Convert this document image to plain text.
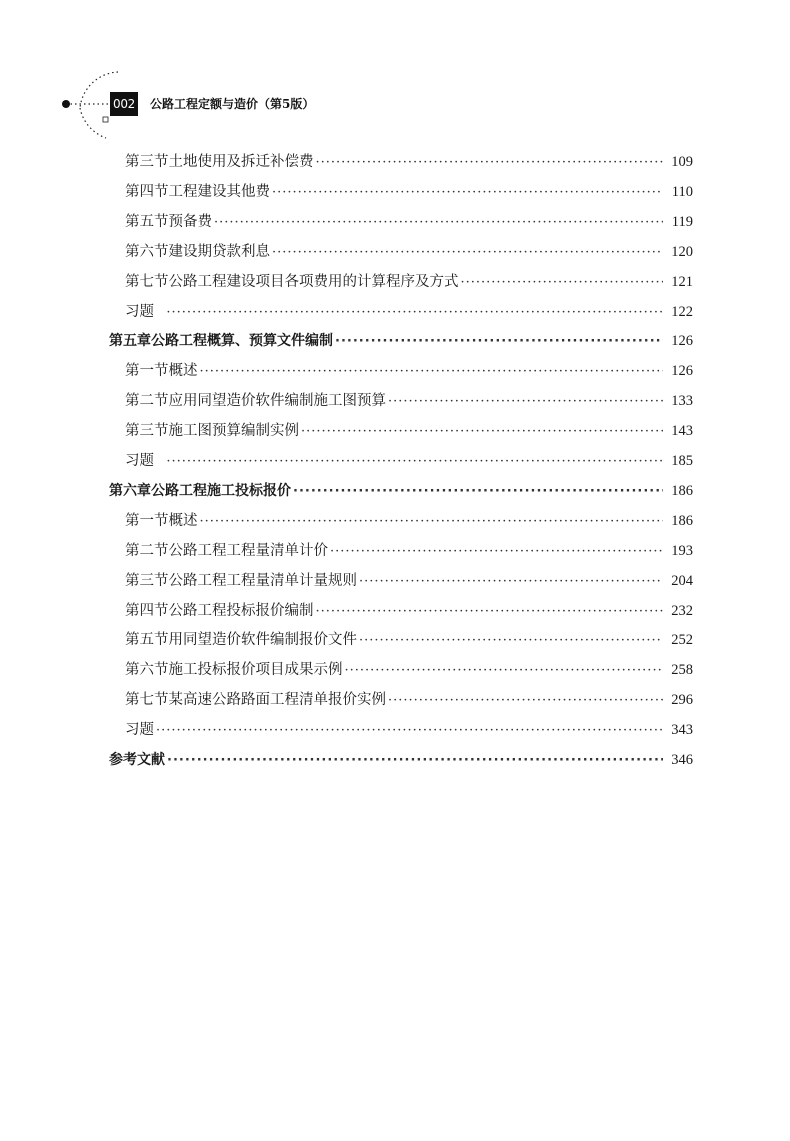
002 公路工程定额与造价（第5版）
第三节 土地使用及拆迁补偿费 ·····	109
第四节 工程建设其他费 ·····	110
第五节 预备费 ·····	119
第六节 建设期贷款利息 ·····	120
第七节 公路工程建设项目各项费用的计算程序及方式 ·····	121
习题 ·····	122
第五章 公路工程概算、预算文件编制 ·····	126
第一节 概述 ·····	126
第二节 应用同望造价软件编制施工图预算 ·····	133
第三节 施工图预算编制实例 ·····	143
习题 ·····	185
第六章 公路工程施工投标报价 ·····	186
第一节 概述 ·····	186
第二节 公路工程工程量清单计价 ·····	193
第三节 公路工程工程量清单计量规则 ·····	204
第四节 公路工程投标报价编制 ·····	232
第五节 用同望造价软件编制报价文件 ·····	252
第六节 施工投标报价项目成果示例 ·····	258
第七节 某高速公路路面工程清单报价实例 ·····	296
习题 ·····	343
参考文献 ·····	346
